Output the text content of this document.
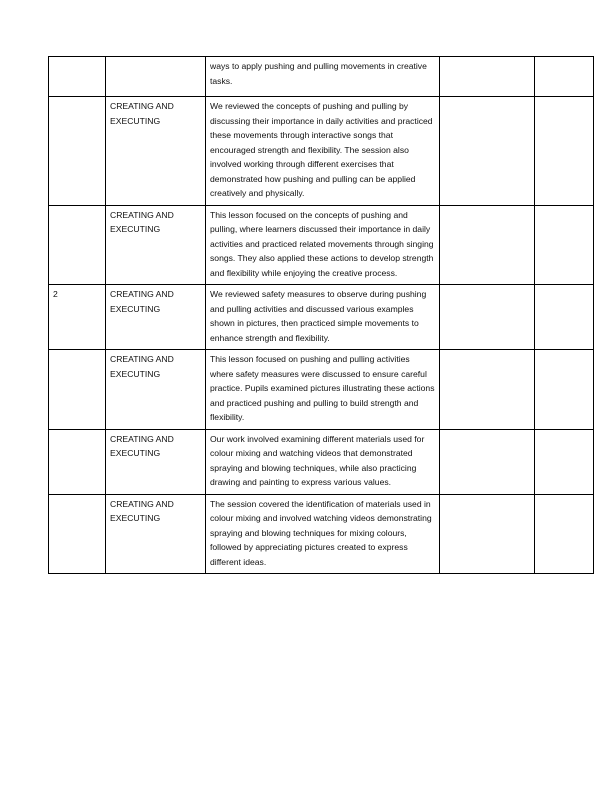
		ways to apply pushing and pulling movements in creative tasks.		
	CREATING AND EXECUTING	We reviewed the concepts of pushing and pulling by discussing their importance in daily activities and practiced these movements through interactive songs that encouraged strength and flexibility. The session also involved working through different exercises that demonstrated how pushing and pulling can be applied creatively and physically.		
	CREATING AND EXECUTING	This lesson focused on the concepts of pushing and pulling, where learners discussed their importance in daily activities and practiced related movements through singing songs. They also applied these actions to develop strength and flexibility while enjoying the creative process.		
2	CREATING AND EXECUTING	We reviewed safety measures to observe during pushing and pulling activities and discussed various examples shown in pictures, then practiced simple movements to enhance strength and flexibility.		
	CREATING AND EXECUTING	This lesson focused on pushing and pulling activities where safety measures were discussed to ensure careful practice. Pupils examined pictures illustrating these actions and practiced pushing and pulling to build strength and flexibility.		
	CREATING AND EXECUTING	Our work involved examining different materials used for colour mixing and watching videos that demonstrated spraying and blowing techniques, while also practicing drawing and painting to express various values.		
	CREATING AND EXECUTING	The session covered the identification of materials used in colour mixing and involved watching videos demonstrating spraying and blowing techniques for mixing colours, followed by appreciating pictures created to express different ideas.		
